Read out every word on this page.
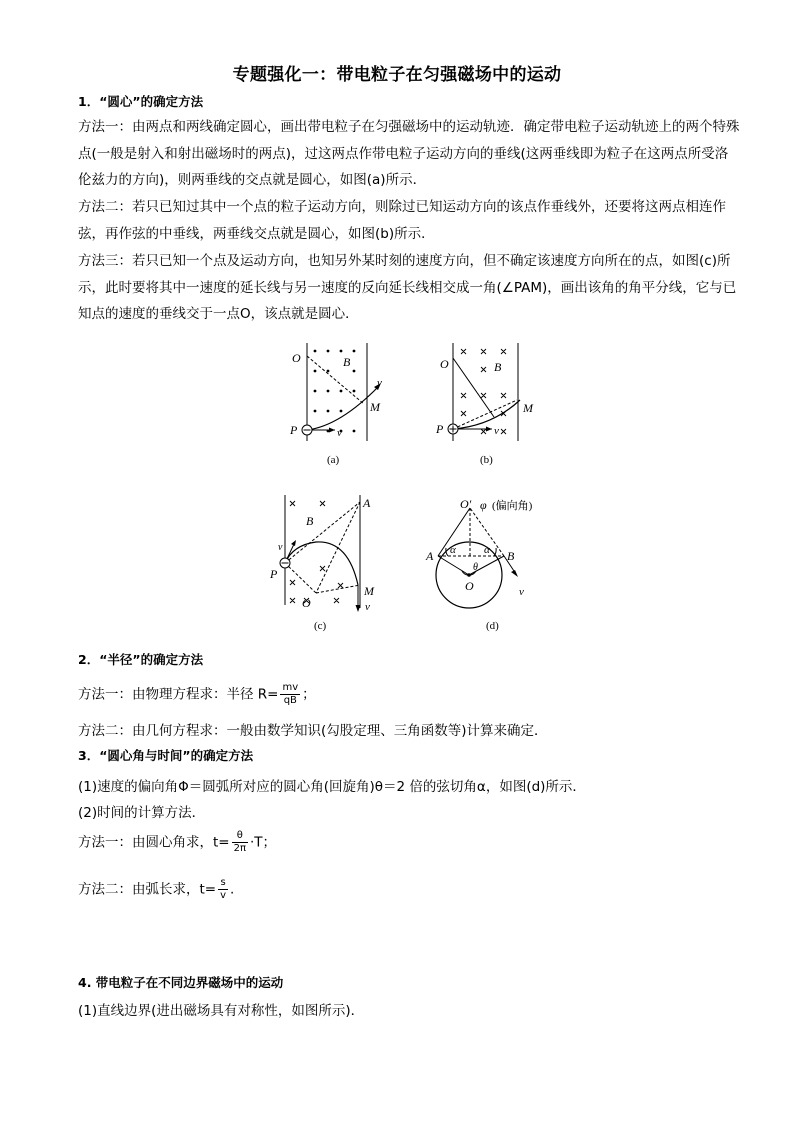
专题强化一：带电粒子在匀强磁场中的运动
1．“圆心”的确定方法
方法一：由两点和两线确定圆心，画出带电粒子在匀强磁场中的运动轨迹．确定带电粒子运动轨迹上的两个特殊点(一般是射入和射出磁场时的两点)，过这两点作带电粒子运动方向的垂线(这两垂线即为粒子在这两点所受洛伦兹力的方向)，则两垂线的交点就是圆心，如图(a)所示．
方法二：若只已知过其中一个点的粒子运动方向，则除过已知运动方向的该点作垂线外，还要将这两点相连作弦，再作弦的中垂线，两垂线交点就是圆心，如图(b)所示．
方法三：若只已知一个点及运动方向，也知另外某时刻的速度方向，但不确定该速度方向所在的点，如图(c)所示，此时要将其中一速度的延长线与另一速度的反向延长线相交成一角(∠PAM)，画出该角的角平分线，它与已知点的速度的垂线交于一点O，该点就是圆心．
O	B
P
M
v
v
(a)
O	B
P
M
v
(b)
A
B
P
O
M
v
v
(c)
O′ φ (偏向角)
A	B
α	α
θ
O	v
(d)
2．“半径”的确定方法
方法一：由物理方程求：半径 $R= \frac{mv}{qB}$ ；
方法二：由几何方程求：一般由数学知识(勾股定理、三角函数等)计算来确定．
3．“圆心角与时间”的确定方法
(1)速度的偏向角Φ＝圆弧所对应的圆心角(回旋角)θ＝2 倍的弦切角α，如图(d)所示．
(2)时间的计算方法．
方法一：由圆心角求，$t= \frac{\theta}{2\pi} \cdot T$；
方法二：由弧长求，$t= \frac{s}{v}$ .
4. 带电粒子在不同边界磁场中的运动
(1)直线边界(进出磁场具有对称性，如图所示)．
